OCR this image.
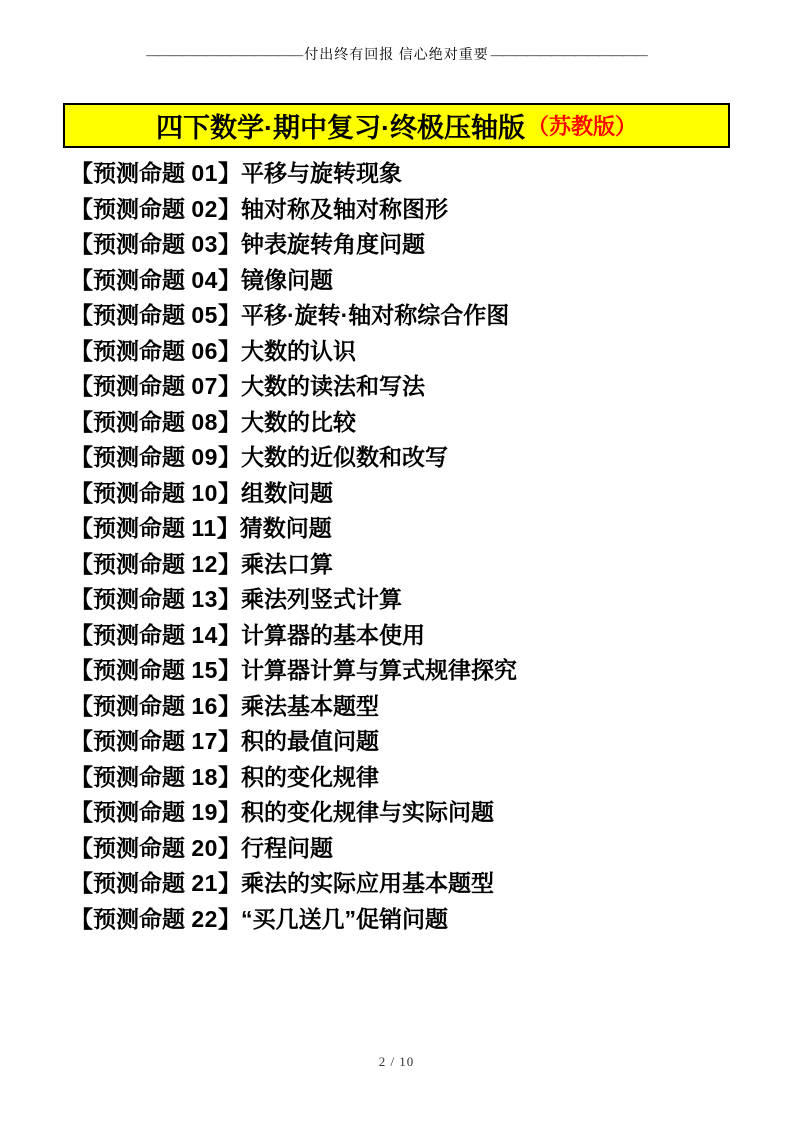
————————————— 付出终有回报 信心绝对重要 —————————————
四下数学·期中复习·终极压轴版 （苏教版）
【预测命题 01】平移与旋转现象
【预测命题 02】轴对称及轴对称图形
【预测命题 03】钟表旋转角度问题
【预测命题 04】镜像问题
【预测命题 05】平移·旋转·轴对称综合作图
【预测命题 06】大数的认识
【预测命题 07】大数的读法和写法
【预测命题 08】大数的比较
【预测命题 09】大数的近似数和改写
【预测命题 10】组数问题
【预测命题 11】猜数问题
【预测命题 12】乘法口算
【预测命题 13】乘法列竖式计算
【预测命题 14】计算器的基本使用
【预测命题 15】计算器计算与算式规律探究
【预测命题 16】乘法基本题型
【预测命题 17】积的最值问题
【预测命题 18】积的变化规律
【预测命题 19】积的变化规律与实际问题
【预测命题 20】行程问题
【预测命题 21】乘法的实际应用基本题型
【预测命题 22】“买几送几”促销问题
2 / 10
